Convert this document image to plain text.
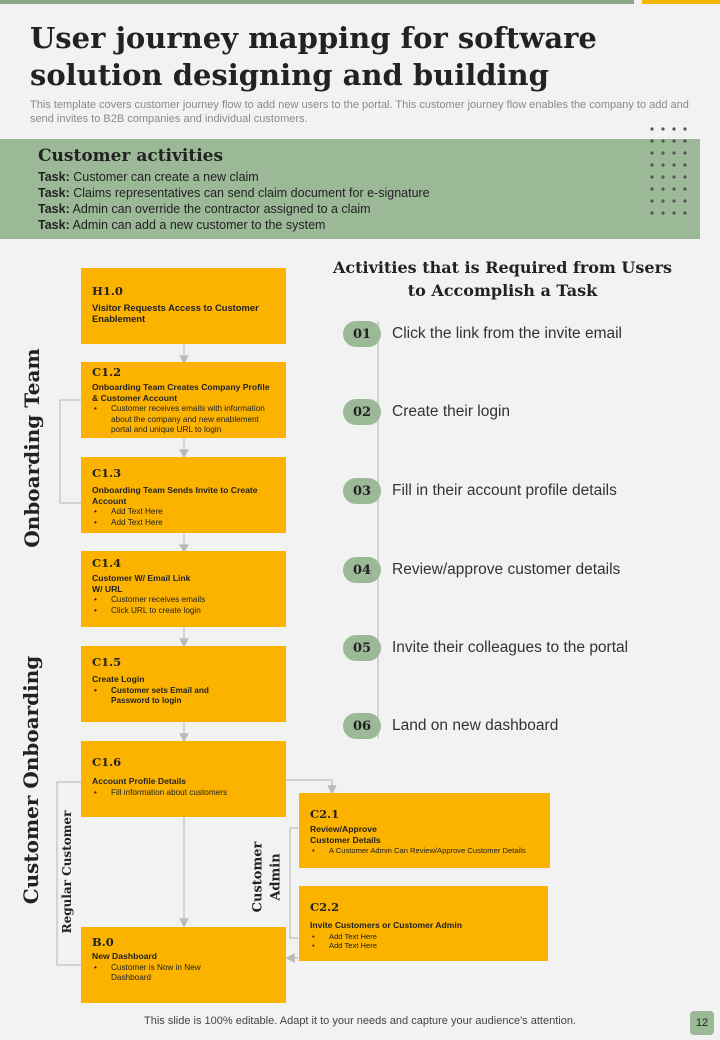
User journey mapping for software solution designing and building

This template covers customer journey flow to add new users to the portal. This customer journey flow enables the company to add and send invites to B2B companies and individual customers.

Customer activities
Task: Customer can create a new claim
Task: Claims representatives can send claim document for e-signature
Task: Admin can override the contractor assigned to a claim
Task: Admin can add a new customer to the system
H1.0
Visitor Requests Access to Customer Enablement
C1.2
Onboarding Team Creates Company Profile & Customer Account
• Customer receives emails with information about the company and new enablement portal and unique URL to login
C1.3
Onboarding Team Sends Invite to Create Account
• Add Text Here
• Add Text Here
C1.4
Customer W/ Email Link W/ URL
• Customer receives emails
• Click URL to create login
C1.5
Create Login
• Customer sets Email and Password to login
C1.6
Account Profile Details
• Fill information about customers
B.0
New Dashboard
• Customer is Now in New Dashboard
C2.1
Review/Approve Customer Details
• A Customer Admin Can Review/Approve Customer Details
C2.2
Invite Customers or Customer Admin
• Add Text Here
• Add Text Here
Onboarding Team
Customer Onboarding Regular Customer	Customer Admin
Activities that is Required from Users to Accomplish a Task
01	Click the link from the invite email
02	Create their login
03	Fill in their account profile details
04	Review/approve customer details
05	Invite their colleagues to the portal
06	Land on new dashboard
This slide is 100% editable. Adapt it to your needs and capture your audience's attention.	12
